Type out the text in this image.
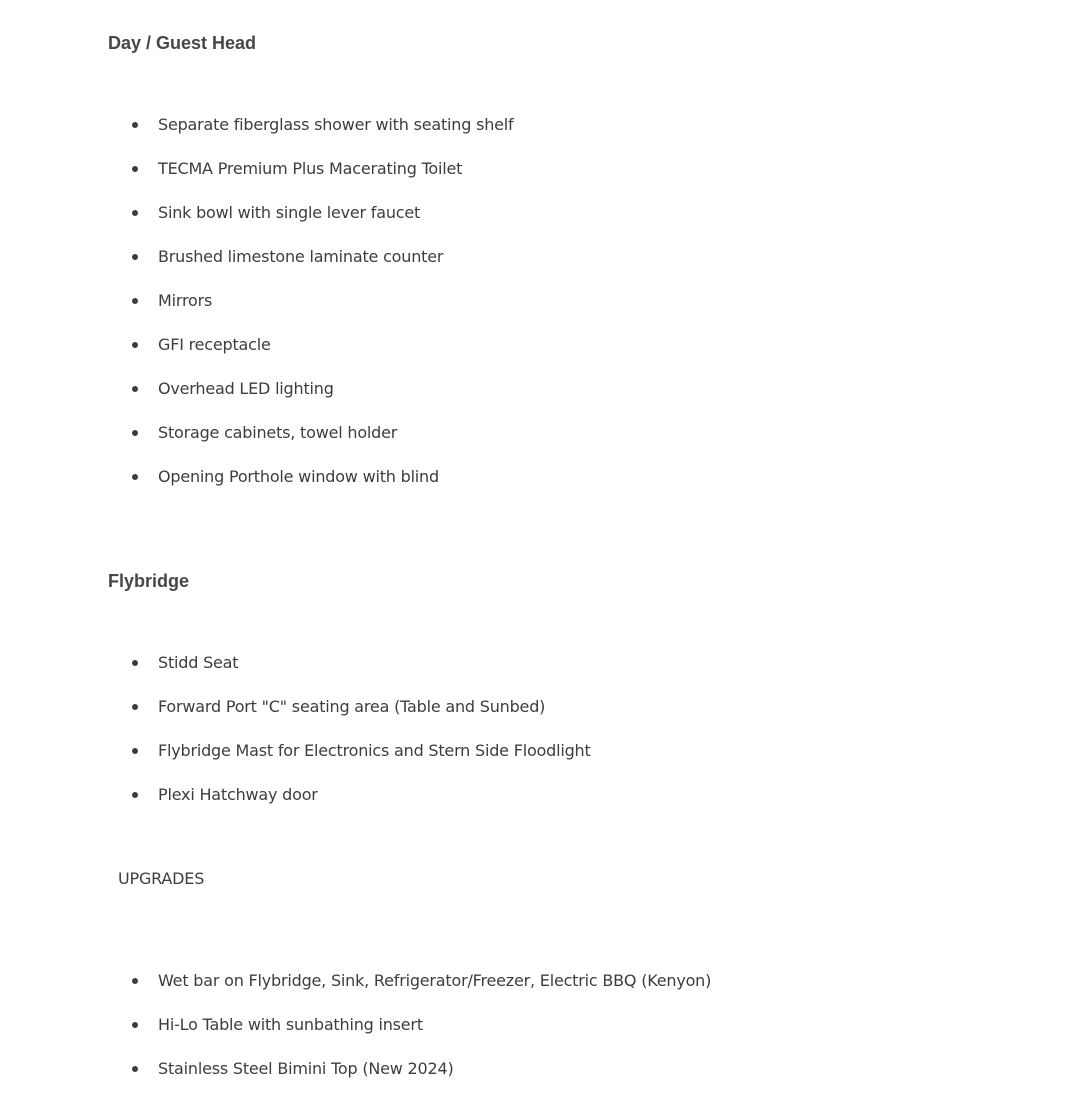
Day / Guest Head
Separate fiberglass shower with seating shelf
TECMA Premium Plus Macerating Toilet
Sink bowl with single lever faucet
Brushed limestone laminate counter
Mirrors
GFI receptacle
Overhead LED lighting
Storage cabinets, towel holder
Opening Porthole window with blind
Flybridge
Stidd Seat
Forward Port "C" seating area (Table and Sunbed)
Flybridge Mast for Electronics and Stern Side Floodlight
Plexi Hatchway door

UPGRADES

Wet bar on Flybridge, Sink, Refrigerator/Freezer, Electric BBQ (Kenyon)
Hi-Lo Table with sunbathing insert
Stainless Steel Bimini Top (New 2024)
